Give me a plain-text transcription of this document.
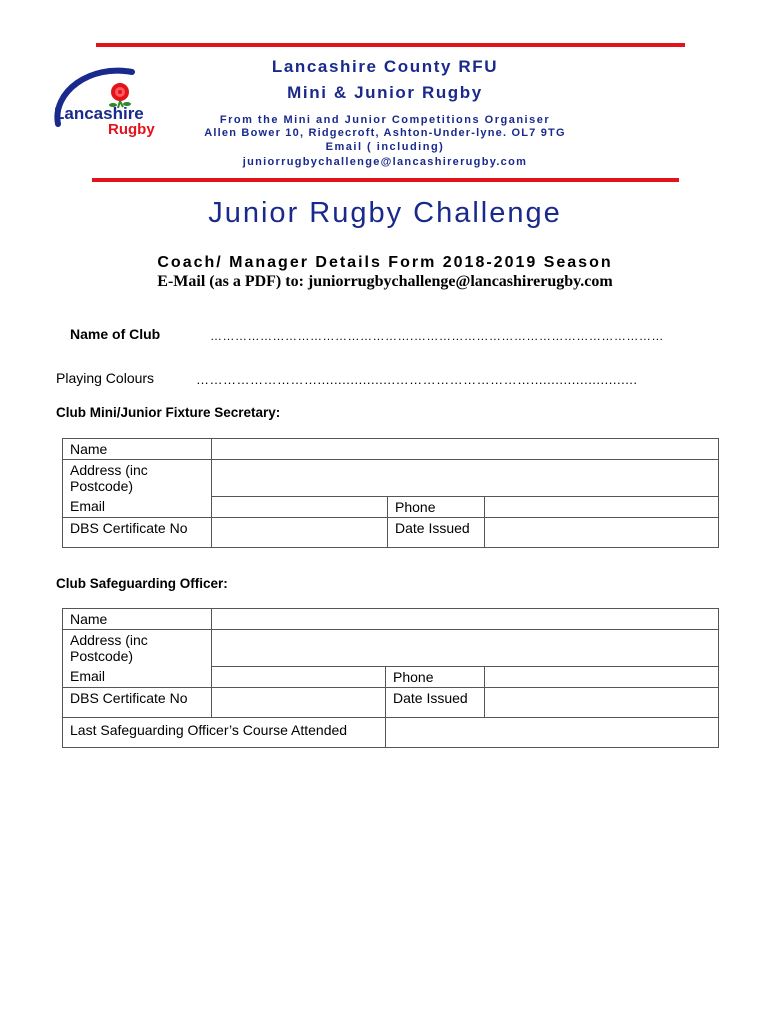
Lancashire
Rugby
Lancashire County RFU
Mini & Junior Rugby
From the Mini and Junior Competitions Organiser
Allen Bower 10, Ridgecroft, Ashton-Under-lyne. OL7 9TG
Email ( including)
juniorrugbychallenge@lancashirerugby.com
Junior Rugby Challenge
Coach/ Manager Details Form 2018-2019 Season
E-Mail (as a PDF) to: juniorrugbychallenge@lancashirerugby.com
Name of Club	………………………………………….……………………………………………………
Playing Colours	………………………...................…………………………..........................
Club Mini/Junior Fixture Secretary:
Name			
Address (inc Postcode)			
Email		Phone	
DBS Certificate No		Date Issued	
Club Safeguarding Officer:
Name			
Address (inc Postcode)			
Email		Phone	
DBS Certificate No		Date Issued	
Last Safeguarding Officer’s Course Attended			
